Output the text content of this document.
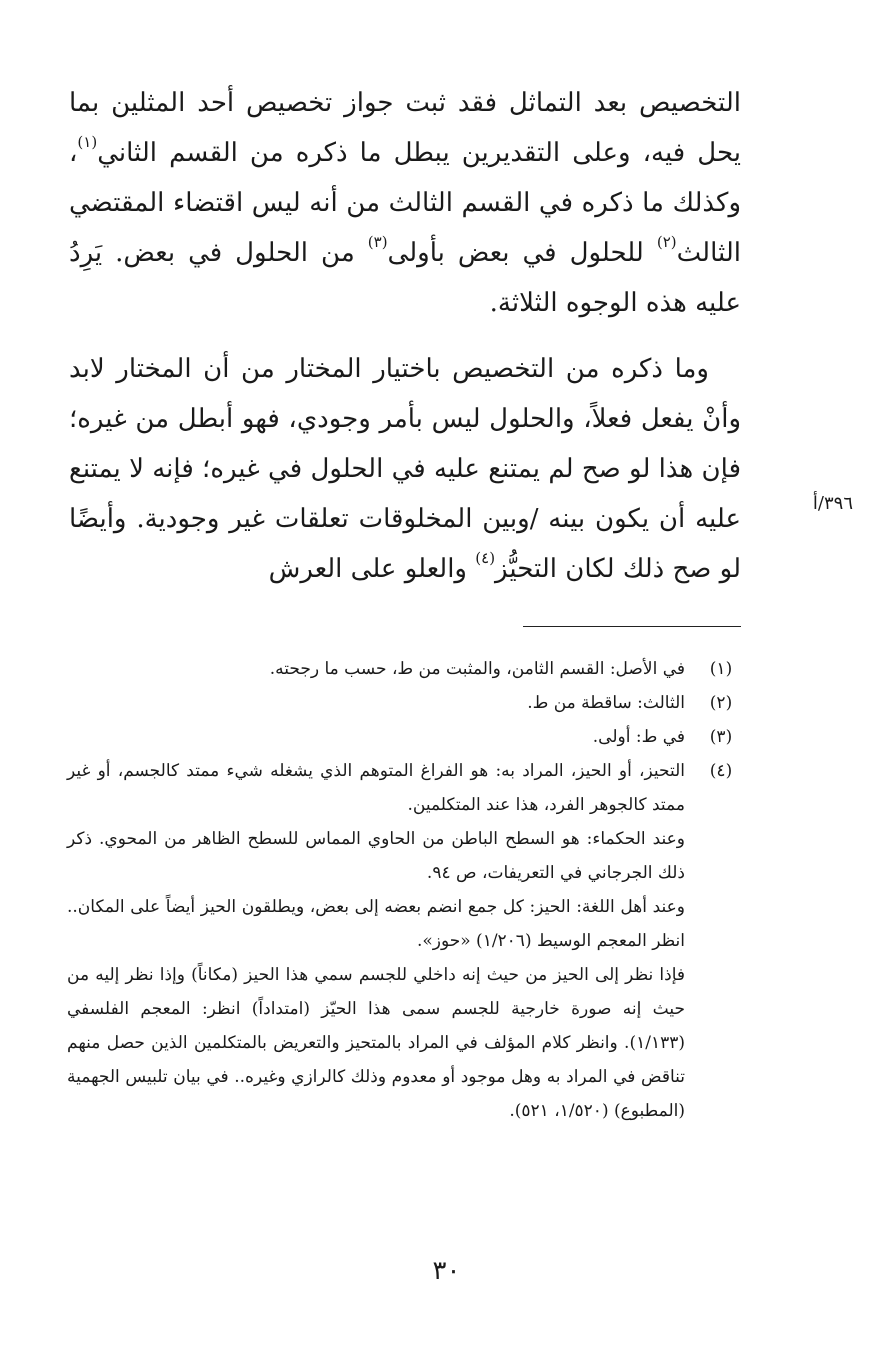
التخصيص بعد التماثل فقد ثبت جواز تخصيص أحد المثلين بما يحل فيه، وعلى التقديرين يبطل ما ذكره من القسم الثاني$^{(١)}$، وكذلك ما ذكره في القسم الثالث من أنه ليس اقتضاء المقتضي الثالث$^{(٢)}$ للحلول في بعض بأولى$^{(٣)}$ من الحلول في بعض. يَرِدُ عليه هذه الوجوه الثلاثة.

وما ذكره من التخصيص باختيار المختار من أن المختار لابد وأنْ يفعل فعلاً، والحلول ليس بأمر وجودي، فهو أبطل من غيره؛ فإن هذا لو صح لم يمتنع عليه في الحلول في غيره؛ فإنه لا يمتنع عليه أن يكون بينه /وبين المخلوقات تعلقات غير وجودية. وأيضًا لو صح ذلك لكان التحيُّز$^{(٤)}$ والعلو على العرش

٣٩٦/أ
(١)
في الأصل: القسم الثامن، والمثبت من ط، حسب ما رجحته.
(٢)
الثالث: ساقطة من ط.
(٣)
في ط: أولى.
(٤)
التحيز، أو الحيز، المراد به: هو الفراغ المتوهم الذي يشغله شيء ممتد كالجسم، أو غير ممتد كالجوهر الفرد، هذا عند المتكلمين.
وعند الحكماء: هو السطح الباطن من الحاوي المماس للسطح الظاهر من المحوي. ذكر ذلك الجرجاني في التعريفات، ص ٩٤.
وعند أهل اللغة: الحيز: كل جمع انضم بعضه إلى بعض، ويطلقون الحيز أيضاً على المكان.. انظر المعجم الوسيط (١/٢٠٦) «حوز».
فإذا نظر إلى الحيز من حيث إنه داخلي للجسم سمي هذا الحيز (مكاناً) وإذا نظر إليه من حيث إنه صورة خارجية للجسم سمى هذا الحيّز (امتداداً) انظر: المعجم الفلسفي (١/١٣٣). وانظر كلام المؤلف في المراد بالمتحيز والتعريض بالمتكلمين الذين حصل منهم تناقض في المراد به وهل موجود أو معدوم وذلك كالرازي وغيره.. في بيان تلبيس الجهمية (المطبوع) (١/٥٢٠، ٥٢١).
٣٠
